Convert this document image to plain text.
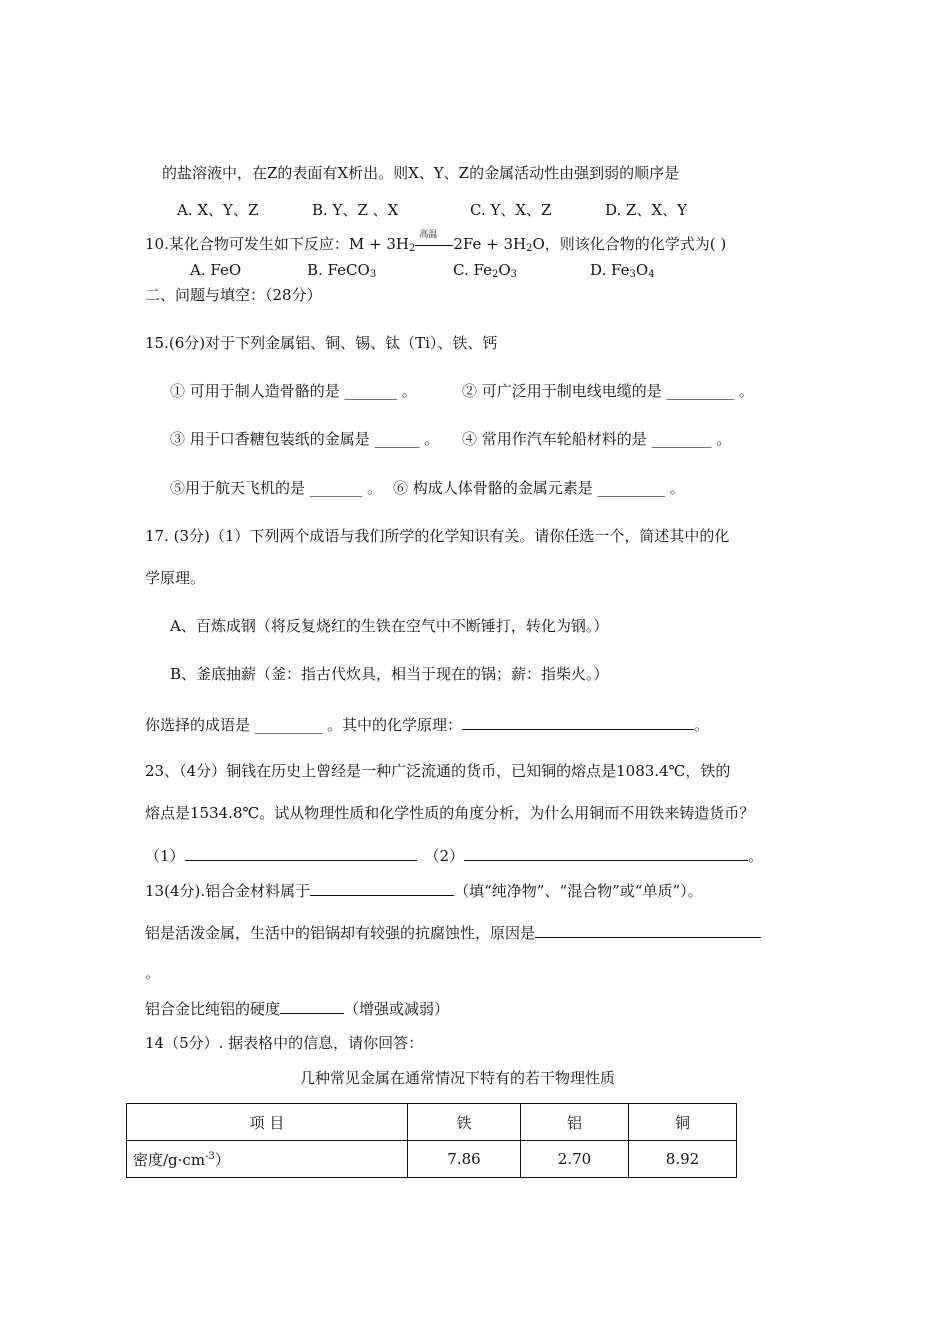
的盐溶液中，在Z的表面有X析出。则X、Y、Z的金属活动性由强到弱的顺序是
A. X、Y、Z	B. Y、Z 、X	C. Y、X、Z	D. Z、X、Y
10.某化合物可发生如下反应：$M + 3H_2$
高温 $2Fe + 3H_2O$，则该化合物的化学式为( )
A. FeO	B. FeCO$_3$	C. $Fe_2O_3$	D. $Fe_3O_4$
二、问题与填空：（28分）
15.(6分)对于下列金属铝、铜、锡、钛（Ti）、铁、钙
① 可用于制人造骨骼的是 _______ 。	② 可广泛用于制电线电缆的是 _________ 。
③ 用于口香糖包装纸的金属是 ______ 。 ④ 常用作汽车轮船材料的是 ________ 。
⑤用于航天飞机的是 _______ 。 ⑥ 构成人体骨骼的金属元素是 _________ 。
17. (3分)（1）下列两个成语与我们所学的化学知识有关。请你任选一个，简述其中的化
学原理。
A、百炼成钢（将反复烧红的生铁在空气中不断锤打，转化为钢。）
B、釜底抽薪（釜：指古代炊具，相当于现在的锅；薪：指柴火。）
你选择的成语是 _________ 。其中的化学原理：	。
23、（4分）铜钱在历史上曾经是一种广泛流通的货币，已知铜的熔点是1083.4℃，铁的
熔点是1534.8℃。试从物理性质和化学性质的角度分析，为什么用铜而不用铁来铸造货币？
（1）	（2）	。
13(4分).铝合金材料属于	（填“纯净物”、“混合物”或“单质”）。
铝是活泼金属，生活中的铝锅却有较强的抗腐蚀性，原因是
。
铝合金比纯铝的硬度	（增强或减弱）
14（5分）. 据表格中的信息，请你回答：
几种常见金属在通常情况下特有的若干物理性质
项 目	铁	铝	铜
密度$/g\cdot cm^{-3}$）	7.86	2.70	8.92
